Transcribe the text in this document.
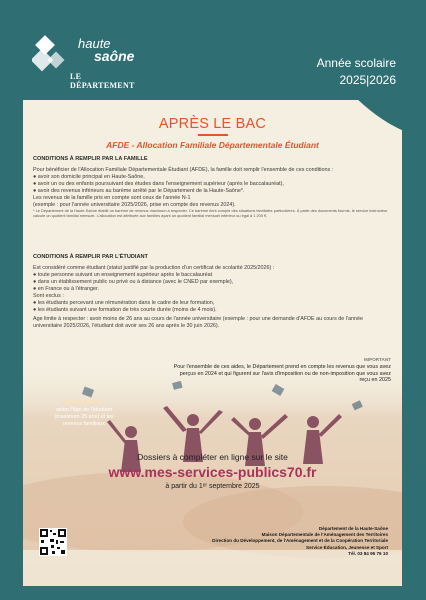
haute
saône
LE DÉPARTEMENT
Année scolaire
2025|2026
APRÈS LE BAC
AFDE - Allocation Familiale Départementale Étudiant

CONDITIONS À REMPLIR PAR LA FAMILLE

Pour bénéficier de l'Allocation Familiale Départementale Étudiant (AFDE), la famille doit remplir l'ensemble de ces conditions :

● avoir son domicile principal en Haute-Saône,

● avoir un ou des enfants poursuivant des études dans l'enseignement supérieur (après le baccalauréat),

● avoir des revenus inférieurs au barème arrêté par le Département de la Haute-Saône*.

Les revenus de la famille pris en compte sont ceux de l'année N-1

(exemple : pour l'année universitaire 2025/2026, prise en compte des revenus 2024).

* Le Département de la Haute-Saône établit un barème de revenus maximum à respecter. Ce barème tient compte des situations familiales particulières. À partir des documents fournis, le service instructeur calcule un quotient familial mensuel. L'allocation est attribuée aux familles ayant un quotient familial mensuel inférieur ou égal à 1 200 €.

CONDITIONS À REMPLIR PAR L'ÉTUDIANT

Est considéré comme étudiant (statut justifié par la production d'un certificat de scolarité 2025/2026) :

● toute personne suivant un enseignement supérieur après le baccalauréat

● dans un établissement public ou privé ou à distance (avec le CNED par exemple),

● en France ou à l'étranger.

Sont exclus :

● les étudiants percevant une rémunération dans le cadre de leur formation,

● les étudiants suivant une formation de très courte durée (moins de 4 mois).

Age limite à respecter : avoir moins de 26 ans au cours de l'année universitaire (exemple : pour une demande d'AFDE au cours de l'année universitaire 2025/2026, l'étudiant doit avoir ses 26 ans après le 30 juin 2026).

IMPORTANT
Pour l'ensemble de ces aides, le Département prend en compte les revenus que vous avez perçus en 2024 et qui figurent sur l'avis d'imposition ou de non-imposition que vous avez reçu en 2025
De 150 à 600 €
selon l'âge de l'étudiant (maximum 25 ans) et les revenus familiaux
Dossiers à compléter en ligne sur le site
www.mes-services-publics70.fr
à partir du 1ᵉʳ septembre 2025
Département de la Haute-Saône
Maison Départementale de l'Aménagement des Territoires
Direction du Développement, de l'Aménagement et de la Coopération Territoriale
Service Éducation, Jeunesse et Sport
Tél. 03 84 95 76 10
